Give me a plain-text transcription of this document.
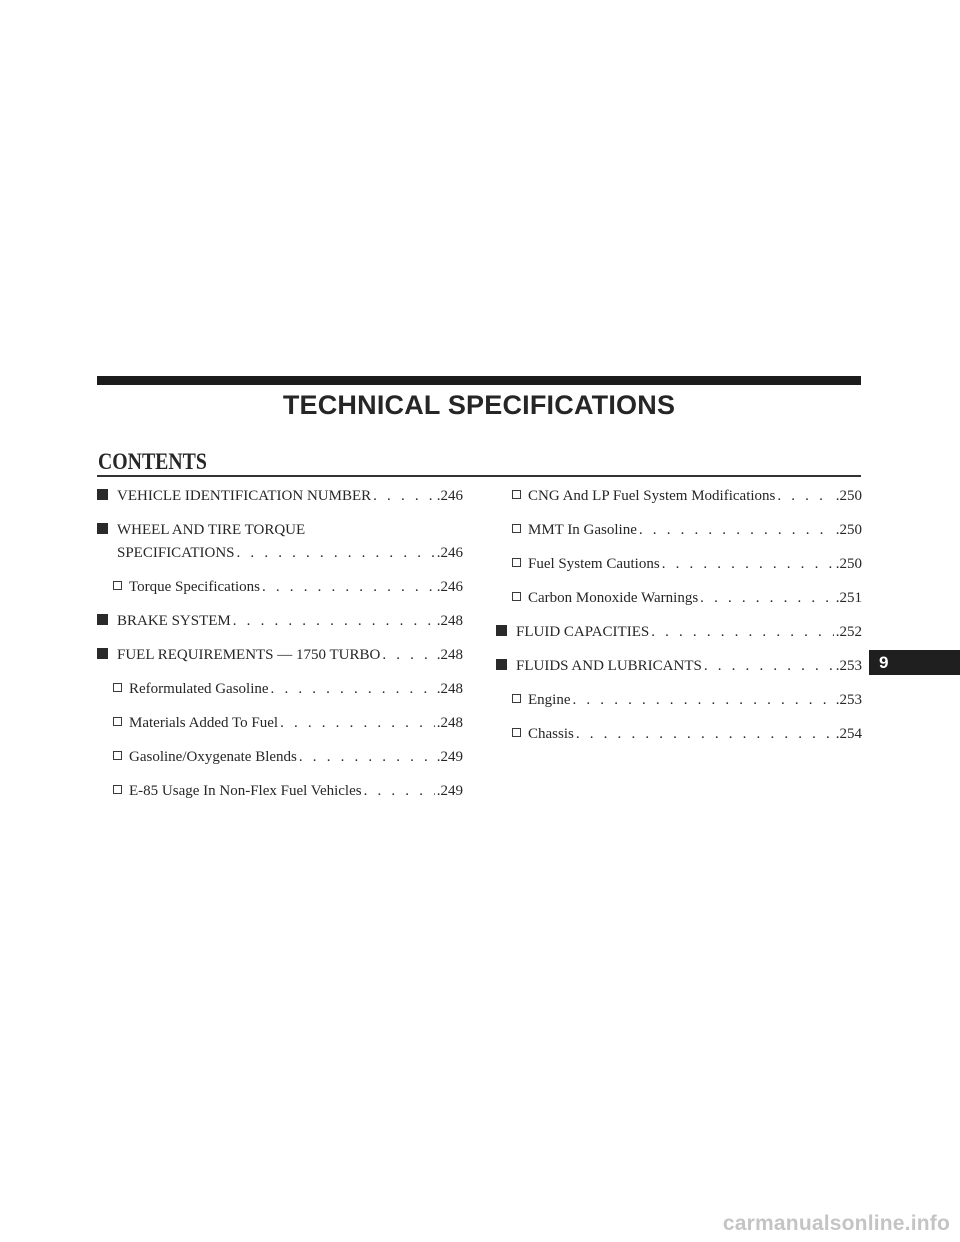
TECHNICAL SPECIFICATIONS
CONTENTS
VEHICLE IDENTIFICATION NUMBER . . .	.246
WHEEL AND TIRE TORQUE
SPECIFICATIONS . . .	.246
Torque Specifications . . .	.246
BRAKE SYSTEM . . .	.248
FUEL REQUIREMENTS — 1750 TURBO . . .	.248
Reformulated Gasoline . . .	.248
Materials Added To Fuel . . .	.248
Gasoline/Oxygenate Blends . . .	.249
E-85 Usage In Non-Flex Fuel Vehicles . . .	.249
CNG And LP Fuel System Modifications . . .	.250
MMT In Gasoline . . .	.250
Fuel System Cautions . . .	.250
Carbon Monoxide Warnings . . .	.251
FLUID CAPACITIES . . .	.252
FLUIDS AND LUBRICANTS . . .	.253
Engine . . .	.253
Chassis . . .	.254
9
carmanualsonline.info
